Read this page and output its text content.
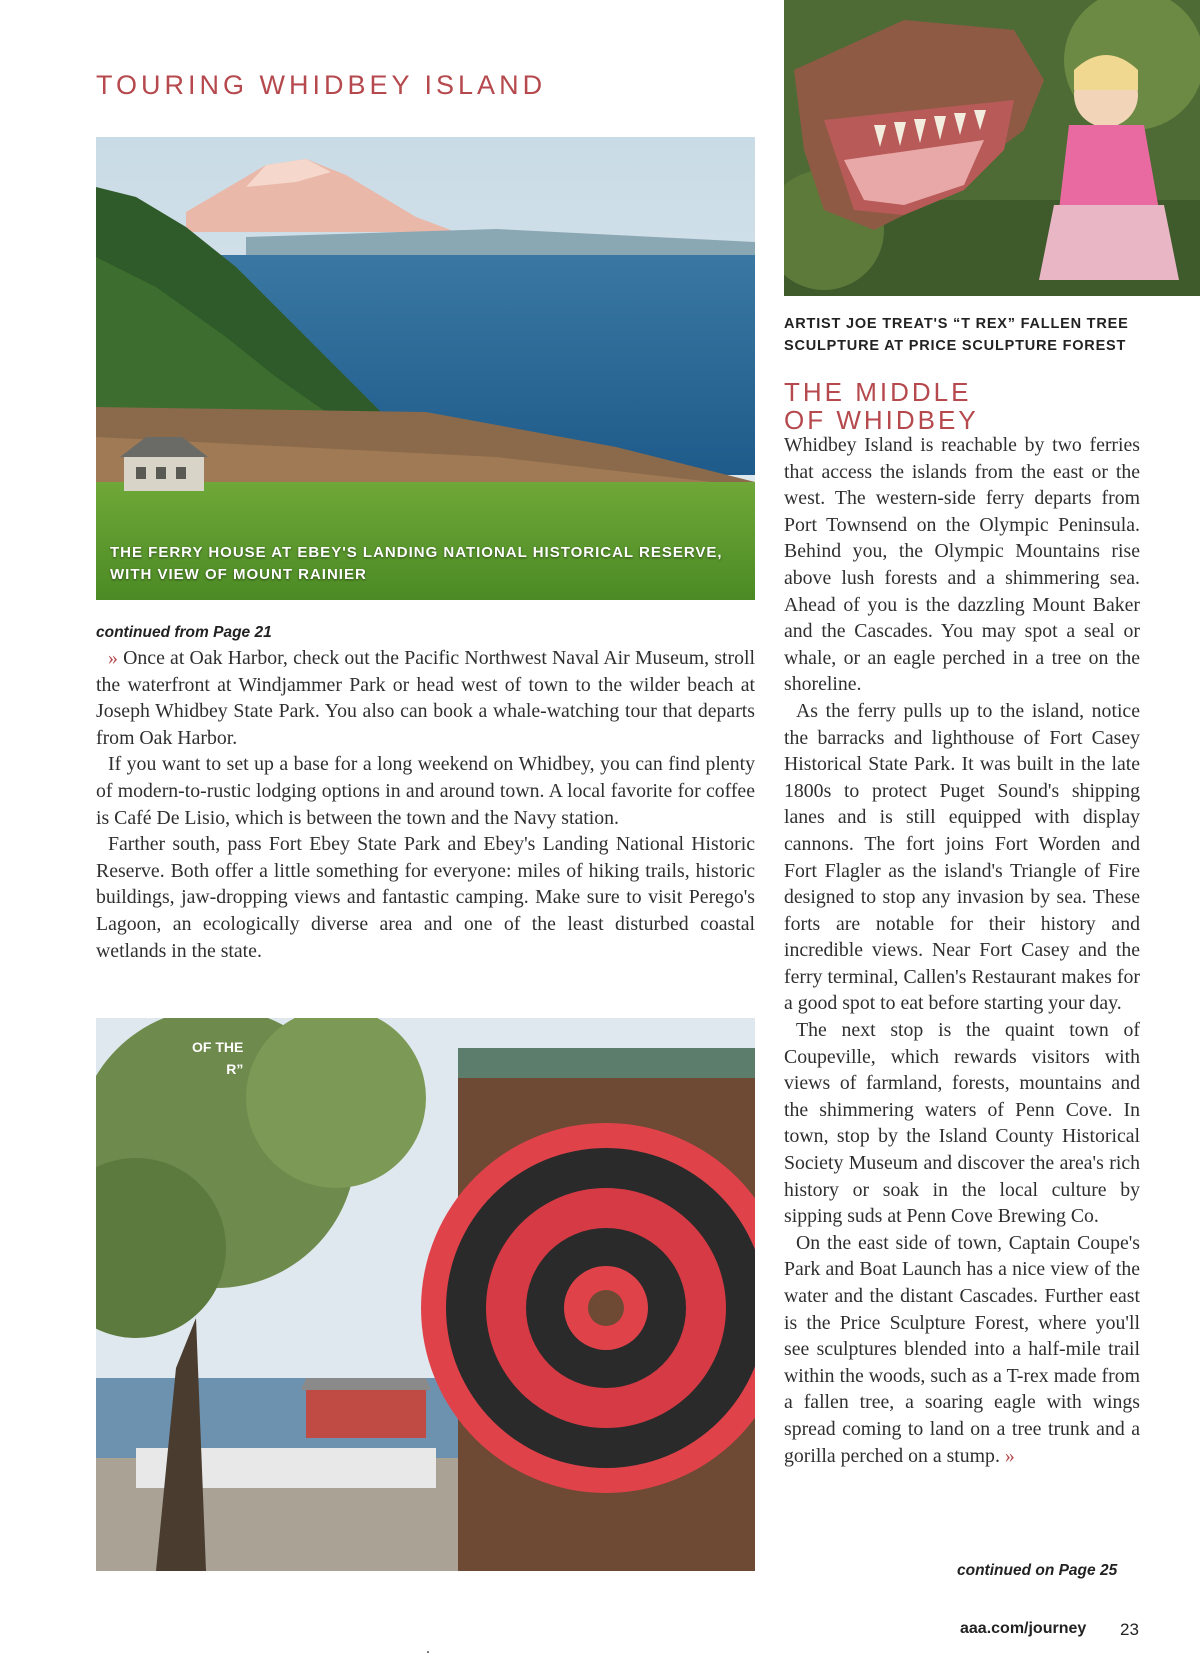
TOURING WHIDBEY ISLAND
THE FERRY HOUSE AT EBEY'S LANDING NATIONAL HISTORICAL RESERVE,
WITH VIEW OF MOUNT RAINIER
ARTIST JOE TREAT'S “T REX” FALLEN TREE
SCULPTURE AT PRICE SCULPTURE FOREST
THE MIDDLE
OF WHIDBEY
continued from Page 21

» Once at Oak Harbor, check out the Pacific Northwest Naval Air Museum, stroll the waterfront at Windjammer Park or head west of town to the wilder beach at Joseph Whidbey State Park. You also can book a whale-watching tour that departs from Oak Harbor.

If you want to set up a base for a long weekend on Whidbey, you can find plenty of modern-to-rustic lodging options in and around town. A local favorite for coffee is Café De Lisio, which is between the town and the Navy station.

Farther south, pass Fort Ebey State Park and Ebey's Landing National Historic Reserve. Both offer a little something for everyone: miles of hiking trails, historic buildings, jaw-dropping views and fantastic camping. Make sure to visit Perego's Lagoon, an ecologically diverse area and one of the least disturbed coastal wetlands in the state.

Whidbey Island is reachable by two ferries that access the islands from the east or the west. The western-side ferry departs from Port Townsend on the Olympic Peninsula. Behind you, the Olympic Mountains rise above lush forests and a shimmering sea. Ahead of you is the dazzling Mount Baker and the Cascades. You may spot a seal or whale, or an eagle perched in a tree on the shoreline.

As the ferry pulls up to the island, notice the barracks and lighthouse of Fort Casey Historical State Park. It was built in the late 1800s to protect Puget Sound's shipping lanes and is still equipped with display cannons. The fort joins Fort Worden and Fort Flagler as the island's Triangle of Fire designed to stop any invasion by sea. These forts are notable for their history and incredible views. Near Fort Casey and the ferry terminal, Callen's Restaurant makes for a good spot to eat before starting your day.

The next stop is the quaint town of Coupeville, which rewards visitors with views of farmland, forests, mountains and the shimmering waters of Penn Cove. In town, stop by the Island County Historical Society Museum and discover the area's rich history or soak in the local culture by sipping suds at Penn Cove Brewing Co.

On the east side of town, Captain Coupe's Park and Boat Launch has a nice view of the water and the distant Cascades. Further east is the Price Sculpture Forest, where you'll see sculptures blended into a half-mile trail within the woods, such as a T-rex made from a fallen tree, a soaring eagle with wings spread coming to land on a tree trunk and a gorilla perched on a stump. »

continued on Page 25
OF THE
R”
.
aaa.com/journey 23
